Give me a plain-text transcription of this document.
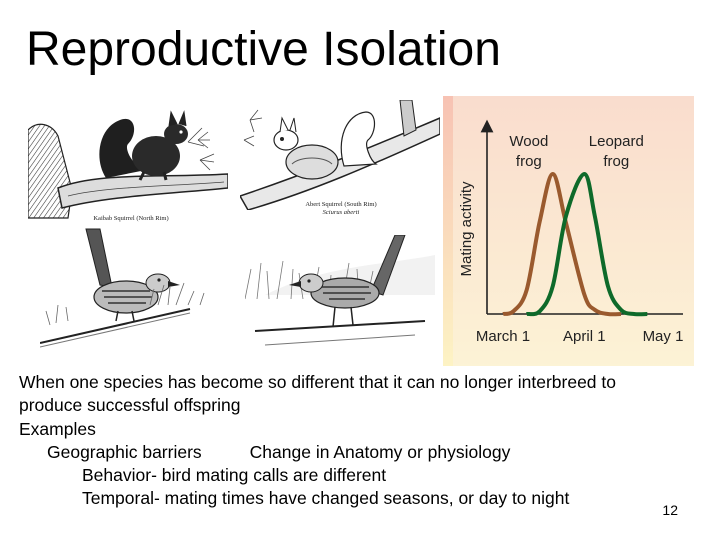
Reproductive Isolation
Kaibab Squirrel (North Rim)
Abert Squirrel (South Rim)
Sciurus aberti	Mating activity
March 1 April 1 May 1
Wood
frog
Leopard
frog
When one species has become so different that it can no longer interbreed to
produce successful offspring
Examples
Geographic barriers	Change in Anatomy or physiology
Behavior- bird mating calls are different
Temporal- mating times have changed seasons, or day to night
12
